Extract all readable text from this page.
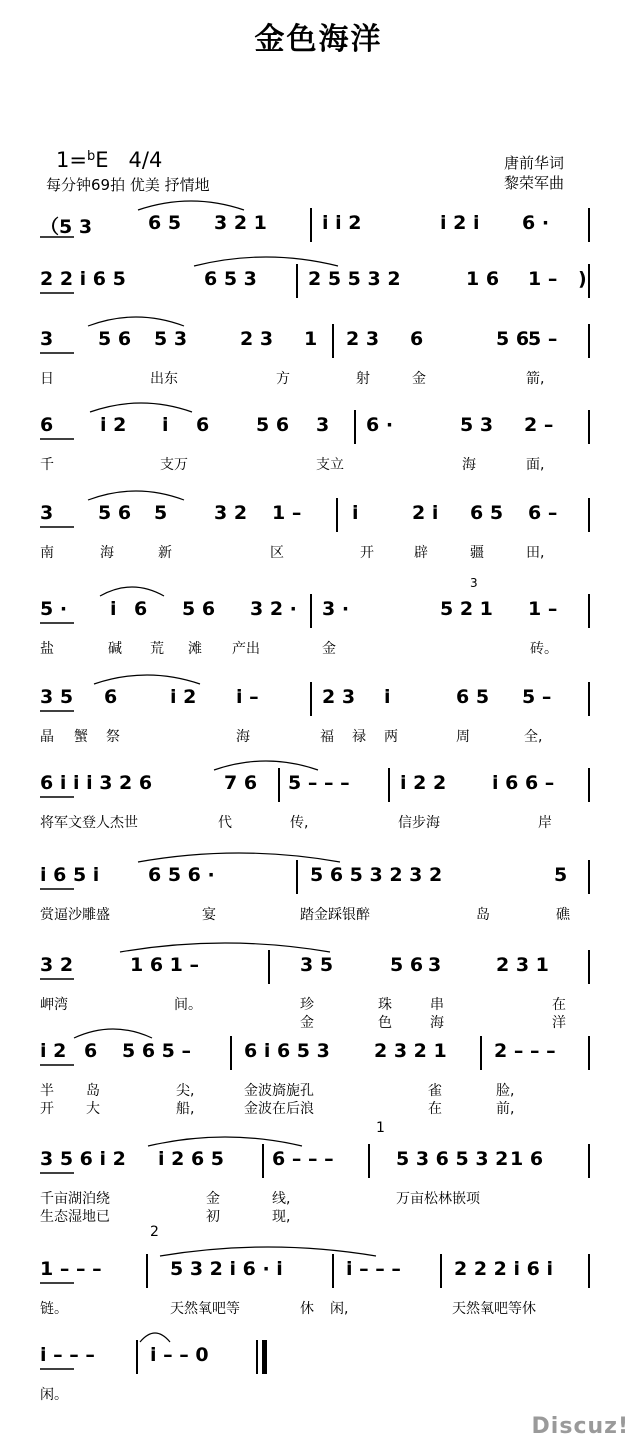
金色海洋
1=$^b$E 4/4
每分钟69拍 优美 抒情地
唐前华词
黎荣军曲
（5 3	6 5 3 2 1	i i 2	i 2 i 6 ·
2 2 i 6 5	6 5 3	2 5 5 3 2	1 6 1 – )
3 5 6 5 3	2 3 1 2 3 6	5 6
5 –
日	出东	方	射	金	箭,
6 i 2 i 6 5 6 3 6 ·	5 3 2 –
千	支万	支立	海	面,
3 5 6 5 3 2 1 –	i	2 i 6 5 6 –
南	海	新	区	开	辟	疆	田,
5 · i 6 5 6 3 2 · 3 ·	5 2 1 1 –
盐	碱 荒 滩 产出	金	砖。
3 5 6	i 2 i –	2 3 i	6 5 5 –
晶 蟹 祭	海	福 禄 两	周	全,
6 i i i 3 2 6	7 6 5 – – –	i 2 2 i 6 6 –
将军文登人杰世	代	传,	信步海	岸
i 6 5 i	6 5 6 ·	5 6 5 3 2 3 2	5
赏逼沙雕盛	宴	踏金踩银醉	岛	礁
3 2	1 6 1 –	3 5	5 6 3	2 3 1
岬湾	间。	珍	珠	串	在
金	色	海	洋
i 2 6 5 6 5 –	6 i 6 5 3 2 3 2 1 2 – – –
半 岛	尖,	金波旖旎孔	雀	脸,
开 大	船,	金波在后浪	在	前,
3 5 6 i 2 i 2 6 5	6 – – –	5 3 6 5 3 2 1 6
千亩湖泊绕	金	线,	万亩松林嵌项
生态湿地已	初	现,
1 – – –	5 3 2 i 6 · i	i – – –	2 2 2 i 6 i
链。	天然氧吧等	休 闲,	天然氧吧等休
i – – –	i – – 0
闲。
1
2
3
Discuz!
